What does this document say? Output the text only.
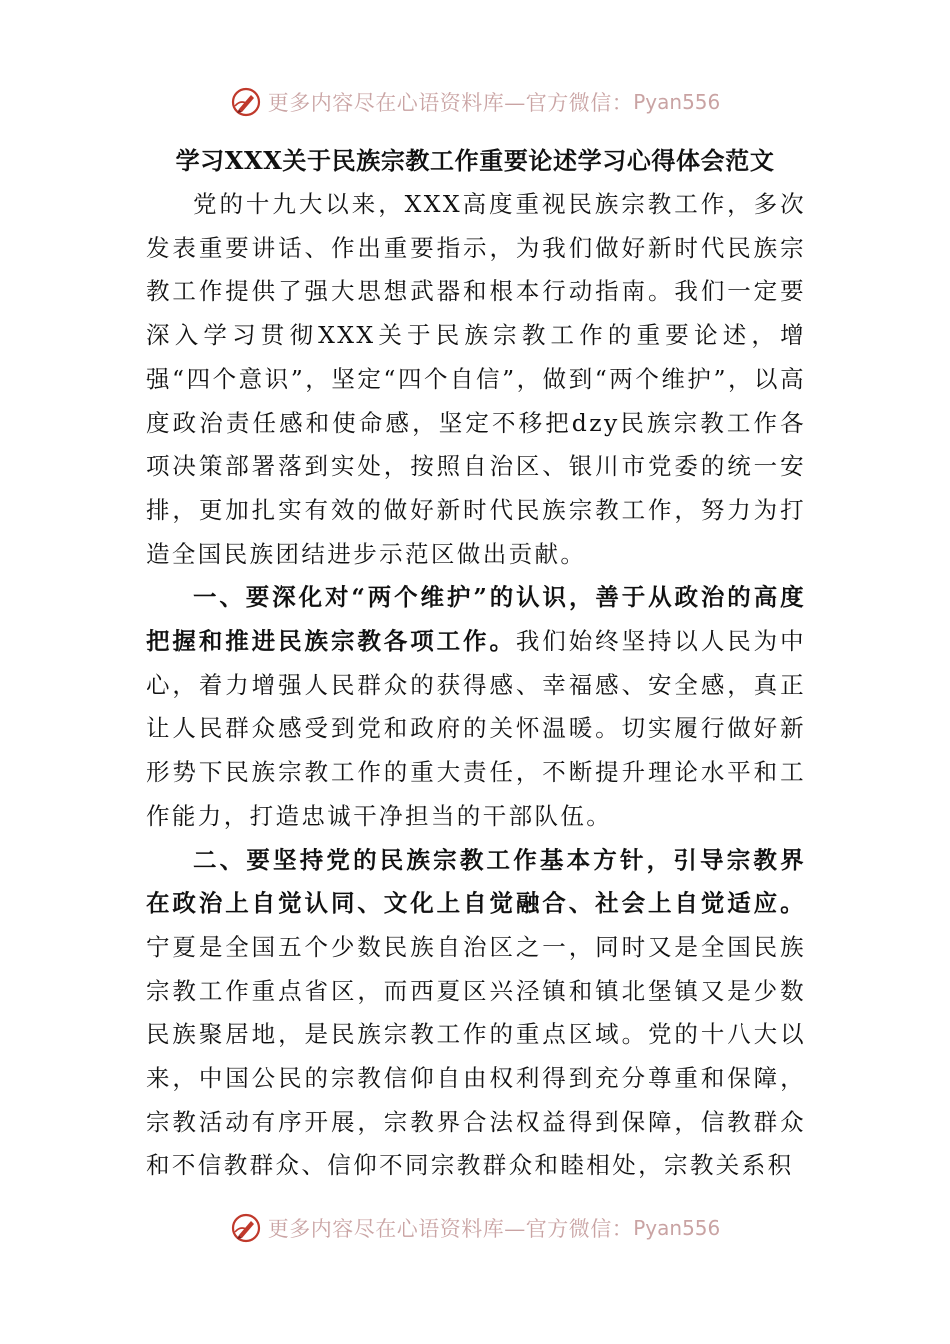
更多内容尽在心语资料库—官方微信： Pyan556
学习XXX关于民族宗教工作重要论述学习心得体会范文

党的十九大以来，XXX高度重视民族宗教工作，多次发表重要讲话、作出重要指示，为我们做好新时代民族宗教工作提供了强大思想武器和根本行动指南。我们一定要深入学习贯彻XXX关于民族宗教工作的重要论述，增强“四个意识”，坚定“四个自信”，做到“两个维护”，以高度政治责任感和使命感，坚定不移把dzy民族宗教工作各项决策部署落到实处，按照自治区、银川市党委的统一安排，更加扎实有效的做好新时代民族宗教工作，努力为打造全国民族团结进步示范区做出贡献。

一、要深化对“两个维护”的认识，善于从政治的高度把握和推进民族宗教各项工作。我们始终坚持以人民为中心，着力增强人民群众的获得感、幸福感、安全感，真正让人民群众感受到党和政府的关怀温暖。切实履行做好新形势下民族宗教工作的重大责任，不断提升理论水平和工作能力，打造忠诚干净担当的干部队伍。

二、要坚持党的民族宗教工作基本方针，引导宗教界在政治上自觉认同、文化上自觉融合、社会上自觉适应。宁夏是全国五个少数民族自治区之一，同时又是全国民族宗教工作重点省区，而西夏区兴泾镇和镇北堡镇又是少数民族聚居地，是民族宗教工作的重点区域。党的十八大以来，中国公民的宗教信仰自由权利得到充分尊重和保障，宗教活动有序开展，宗教界合法权益得到保障，信教群众和不信教群众、信仰不同宗教群众和睦相处，宗教关系积

更多内容尽在心语资料库—官方微信： Pyan556
